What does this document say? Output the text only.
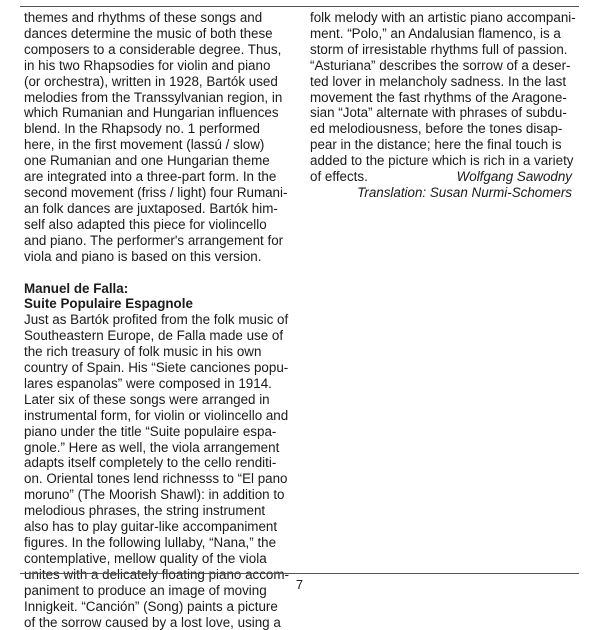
themes and rhythms of these songs and
dances determine the music of both these
composers to a considerable degree. Thus,
in his two Rhapsodies for violin and piano
(or orchestra), written in 1928, Bartók used
melodies from the Transsylvanian region, in
which Rumanian and Hungarian influences
blend. In the Rhapsody no. 1 performed
here, in the first movement (lassú / slow)
one Rumanian and one Hungarian theme
are integrated into a three-part form. In the
second movement (friss / light) four Rumani-
an folk dances are juxtaposed. Bartók him-
self also adapted this piece for violincello
and piano. The performer's arrangement for
viola and piano is based on this version.
Manuel de Falla:
Suite Populaire Espagnole
Just as Bartók profited from the folk music of
Southeastern Europe, de Falla made use of
the rich treasury of folk music in his own
country of Spain. His “Siete canciones popu-
lares espanolas” were composed in 1914.
Later six of these songs were arranged in
instrumental form, for violin or violincello and
piano under the title “Suite populaire espa-
gnole.” Here as well, the viola arrangement
adapts itself completely to the cello renditi-
on. Oriental tones lend richnesss to “El pano
moruno” (The Moorish Shawl): in addition to
melodious phrases, the string instrument
also has to play guitar-like accompaniment
figures. In the following lullaby, “Nana,” the
contemplative, mellow quality of the viola
unites with a delicately floating piano accom-
paniment to produce an image of moving
Innigkeit. “Canción” (Song) paints a picture
of the sorrow caused by a lost love, using a
folk melody with an artistic piano accompani-
ment. “Polo,” an Andalusian flamenco, is a
storm of irresistable rhythms full of passion.
“Asturiana” describes the sorrow of a deser-
ted lover in melancholy sadness. In the last
movement the fast rhythms of the Aragone-
sian “Jota” alternate with phrases of subdu-
ed melodiousness, before the tones disap-
pear in the distance; here the final touch is
added to the picture which is rich in a variety
of effects.	Wolfgang Sawodny
Translation: Susan Nurmi-Schomers
7
